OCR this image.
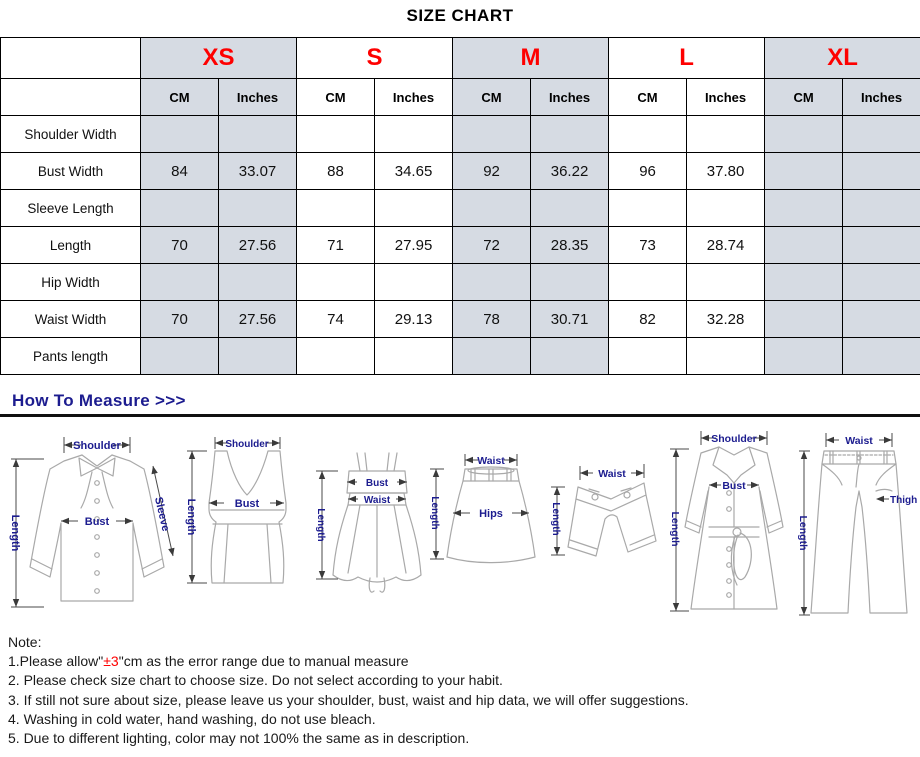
SIZE CHART
	XS		S		M		L		XL	
	CM	Inches	CM	Inches	CM	Inches	CM	Inches	CM	Inches
Shoulder Width										
Bust Width	84	33.07	88	34.65	92	36.22	96	37.80		
Sleeve Length										
Length	70	27.56	71	27.95	72	28.35	73	28.74		
Hip Width										
Waist Width	70	27.56	74	29.13	78	30.71	82	32.28		
Pants length										
How To Measure >>>
Shoulder
Bust
Length
Sleeve
Shoulder
Bust
Length
Bust
Waist
Length
Waist
Hips
Length
Waist
Length
Shoulder
Bust
Length
Waist
Thigh
Length
Note:
1.Please allow"±3"cm as the error range due to manual measure
2. Please check size chart to choose size. Do not select according to your habit.
3. If still not sure about size, please leave us your shoulder, bust, waist and hip data, we will offer suggestions.
4. Washing in cold water, hand washing, do not use bleach.
5. Due to different lighting, color may not 100% the same as in description.
